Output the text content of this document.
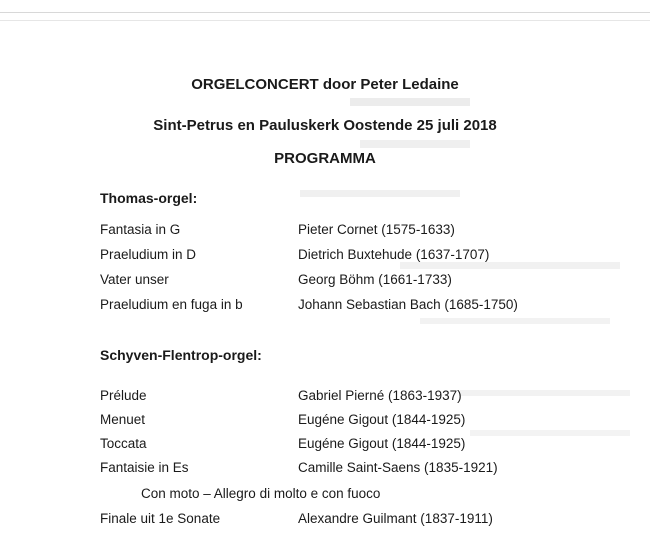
ORGELCONCERT door Peter Ledaine
Sint-Petrus en Pauluskerk Oostende 25 juli 2018
PROGRAMMA
Thomas-orgel:
Fantasia in G	Pieter Cornet (1575-1633)
Praeludium in D	Dietrich Buxtehude (1637-1707)
Vater unser	Georg Böhm (1661-1733)
Praeludium en fuga in b	Johann Sebastian Bach (1685-1750)
Schyven-Flentrop-orgel:
Prélude	Gabriel Pierné (1863-1937)
Menuet	Eugéne Gigout (1844-1925)
Toccata	Eugéne Gigout (1844-1925)
Fantaisie in Es	Camille Saint-Saens (1835-1921)
Con moto – Allegro di molto e con fuoco
Finale uit 1e Sonate	Alexandre Guilmant (1837-1911)
